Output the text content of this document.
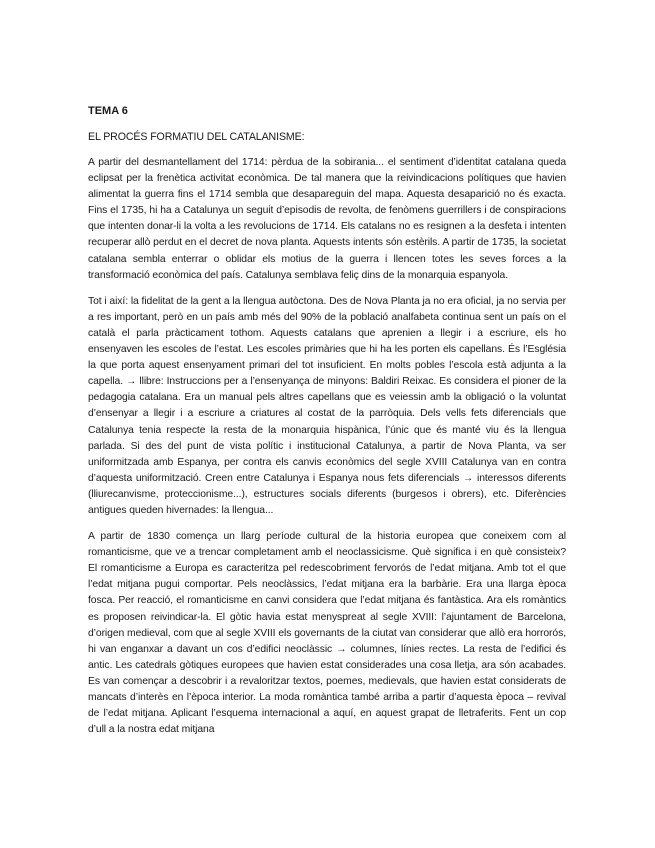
TEMA 6
EL PROCÉS FORMATIU DEL CATALANISME:

A partir del desmantellament del 1714: pèrdua de la sobirania... el sentiment d’identitat catalana queda eclipsat per la frenètica activitat econòmica. De tal manera que la reivindicacions polítiques que havien alimentat la guerra fins el 1714 sembla que desapareguin del mapa. Aquesta desaparició no és exacta. Fins el 1735, hi ha a Catalunya un seguit d’episodis de revolta, de fenòmens guerrillers i de conspiracions que intenten donar-li la volta a les revolucions de 1714. Els catalans no es resignen a la desfeta i intenten recuperar allò perdut en el decret de nova planta. Aquests intents són estèrils. A partir de 1735, la societat catalana sembla enterrar o oblidar els motius de la guerra i llencen totes les seves forces a la transformació econòmica del país. Catalunya semblava feliç dins de la monarquia espanyola.

Tot i així: la fidelitat de la gent a la llengua autòctona. Des de Nova Planta ja no era oficial, ja no servia per a res important, però en un país amb més del 90% de la població analfabeta continua sent un país on el català el parla pràcticament tothom. Aquests catalans que aprenien a llegir i a escriure, els ho ensenyaven les escoles de l’estat. Les escoles primàries que hi ha les porten els capellans. És l’Església la que porta aquest ensenyament primari del tot insuficient. En molts pobles l’escola està adjunta a la capella. → llibre: Instruccions per a l’ensenyança de minyons: Baldiri Reixac. Es considera el pioner de la pedagogia catalana. Era un manual pels altres capellans que es veiessin amb la obligació o la voluntat d’ensenyar a llegir i a escriure a criatures al costat de la parròquia. Dels vells fets diferencials que Catalunya tenia respecte la resta de la monarquia hispànica, l’únic que és manté viu és la llengua parlada. Si des del punt de vista polític i institucional Catalunya, a partir de Nova Planta, va ser uniformitzada amb Espanya, per contra els canvis econòmics del segle XVIII Catalunya van en contra d’aquesta uniformització. Creen entre Catalunya i Espanya nous fets diferencials → interessos diferents (lliurecanvisme, proteccionisme...), estructures socials diferents (burgesos i obrers), etc. Diferències antigues queden hivernades: la llengua...

A partir de 1830 comença un llarg període cultural de la historia europea que coneixem com al romanticisme, que ve a trencar completament amb el neoclassicisme. Què significa i en què consisteix? El romanticisme a Europa es caracteritza pel redescobriment fervorós de l’edat mitjana. Amb tot el que l’edat mitjana pugui comportar. Pels neoclàssics, l’edat mitjana era la barbàrie. Era una llarga època fosca. Per reacció, el romanticisme en canvi considera que l’edat mitjana és fantàstica. Ara els romàntics es proposen reivindicar-la. El gòtic havia estat menyspreat al segle XVIII: l’ajuntament de Barcelona, d’origen medieval, com que al segle XVIII els governants de la ciutat van considerar que allò era horrorós, hi van enganxar a davant un cos d’edifici neoclàssic → columnes, línies rectes. La resta de l’edifici és antic. Les catedrals gòtiques europees que havien estat considerades una cosa lletja, ara són acabades. Es van començar a descobrir i a revaloritzar textos, poemes, medievals, que havien estat considerats de mancats d’interès en l’època interior. La moda romàntica també arriba a partir d’aquesta època – revival de l’edat mitjana. Aplicant l’esquema internacional a aquí, en aquest grapat de lletraferits. Fent un cop d’ull a la nostra edat mitjana
